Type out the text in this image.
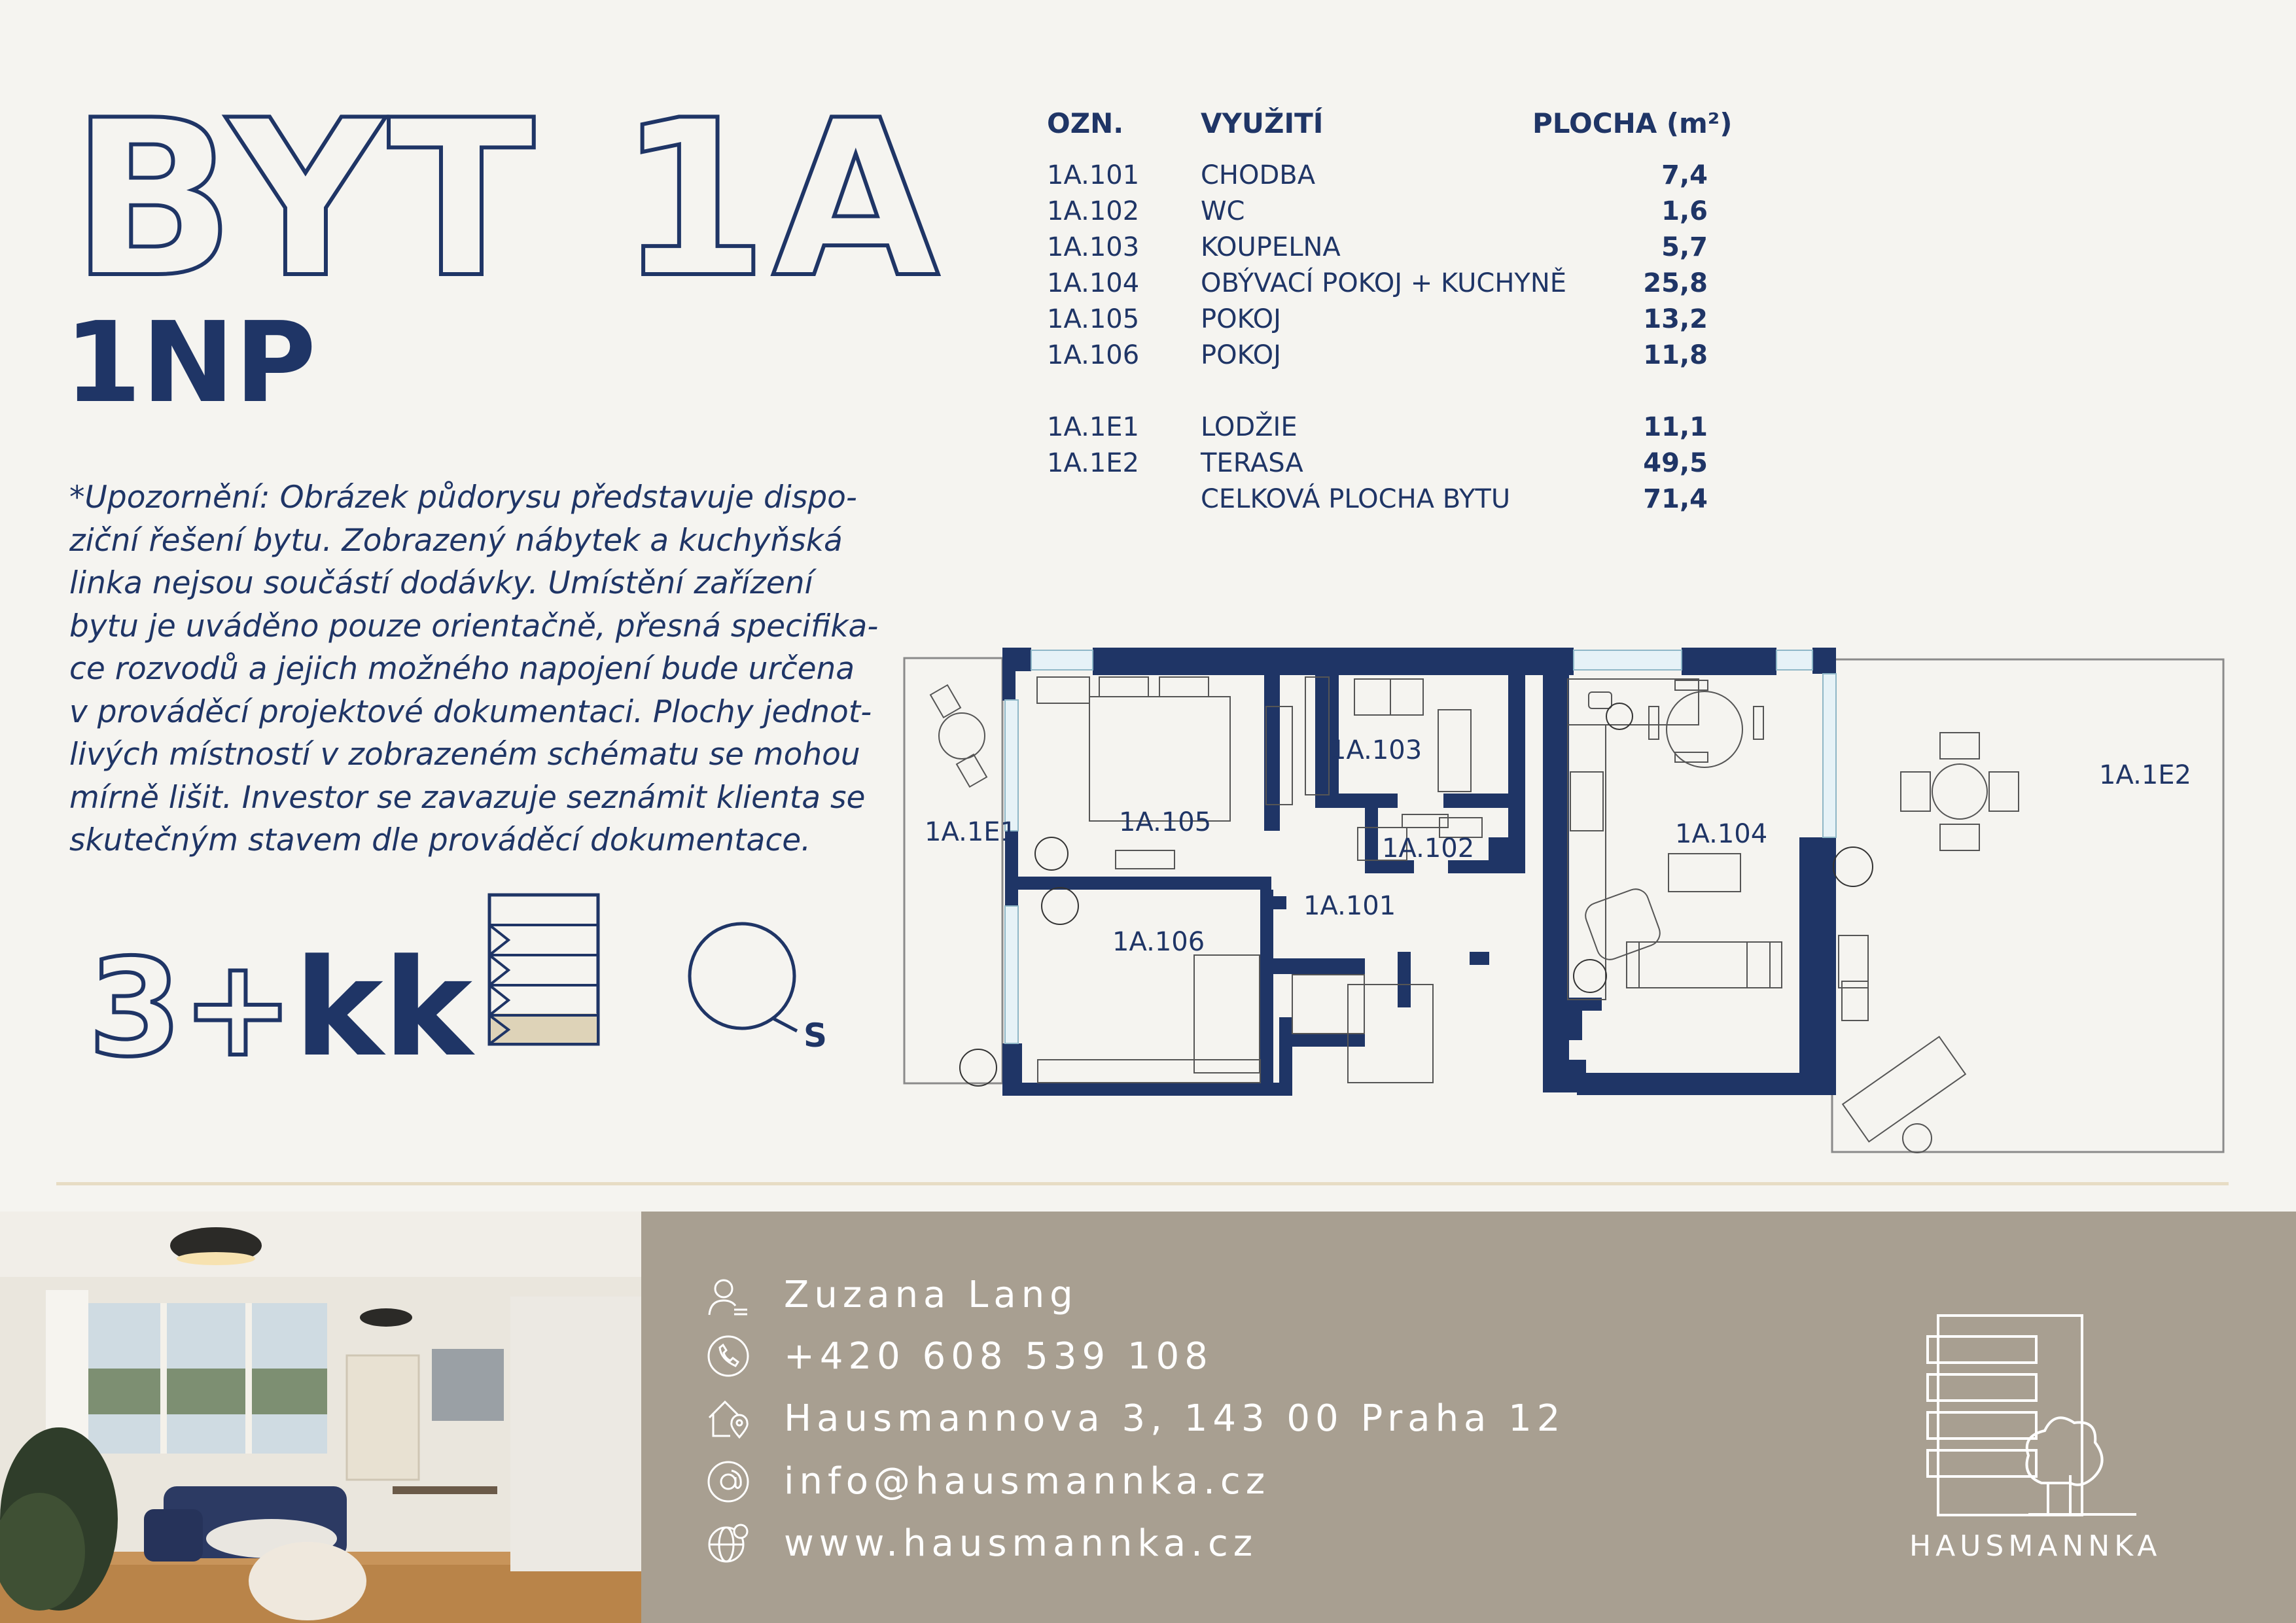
BYT 1A
1NP
*Upozornění: Obrázek půdorysu představuje dispo-
ziční řešení bytu. Zobrazený nábytek a kuchyňská
linka nejsou součástí dodávky. Umístění zařízení
bytu je uváděno pouze orientačně, přesná specifika-
ce rozvodů a jejich možného napojení bude určena
v prováděcí projektové dokumentaci. Plochy jednot-
livých místností v zobrazeném schématu se mohou
mírně lišit. Investor se zavazuje seznámit klienta se
skutečným stavem dle prováděcí dokumentace.
3+kk	S
OZN.	VYUŽITÍ	PLOCHA (m²)
1A.101 CHODBA	7,4
1A.102 WC	1,6
1A.103 KOUPELNA	5,7
1A.104 OBÝVACÍ POKOJ + KUCHYNĚ	25,8
1A.105 POKOJ	13,2
1A.106 POKOJ	11,8
1A.1E1 LODŽIE	11,1
1A.1E2 TERASA	49,5
CELKOVÁ PLOCHA BYTU	71,4
1A.103
1A.102	1A.104
1A.105
1A.106
1A.101
1A.1E1
1A.1E2
Zuzana Lang
+420 608 539 108
Hausmannova 3, 143 00 Praha 12
info@hausmannka.cz
www.hausmannka.cz	HAUSMANNKA
